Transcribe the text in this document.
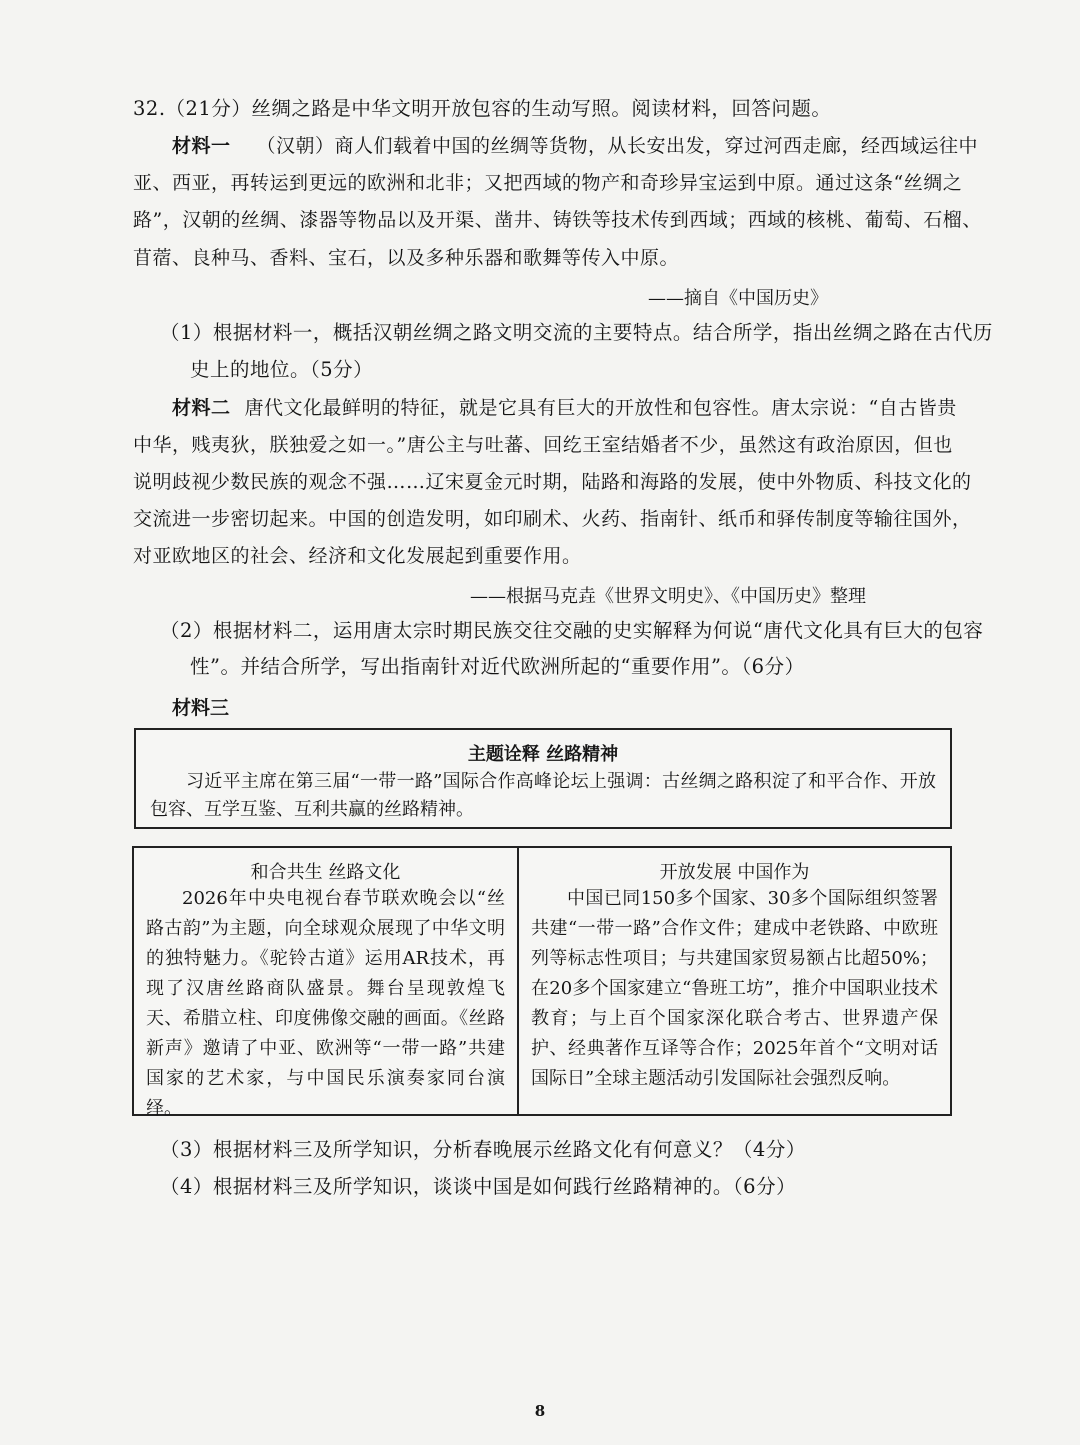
32.（21分）丝绸之路是中华文明开放包容的生动写照。阅读材料，回答问题。
材料一 （汉朝）商人们载着中国的丝绸等货物，从长安出发，穿过河西走廊，经西域运往中
亚、西亚，再转运到更远的欧洲和北非；又把西域的物产和奇珍异宝运到中原。通过这条“丝绸之
路”，汉朝的丝绸、漆器等物品以及开渠、凿井、铸铁等技术传到西域；西域的核桃、葡萄、石榴、
苜蓿、良种马、香料、宝石，以及多种乐器和歌舞等传入中原。
——摘自《中国历史》
（1）根据材料一，概括汉朝丝绸之路文明交流的主要特点。结合所学，指出丝绸之路在古代历
史上的地位。（5分）
材料二 唐代文化最鲜明的特征，就是它具有巨大的开放性和包容性。唐太宗说：“自古皆贵
中华，贱夷狄，朕独爱之如一。”唐公主与吐蕃、回纥王室结婚者不少，虽然这有政治原因，但也
说明歧视少数民族的观念不强……辽宋夏金元时期，陆路和海路的发展，使中外物质、科技文化的
交流进一步密切起来。中国的创造发明，如印刷术、火药、指南针、纸币和驿传制度等输往国外，
对亚欧地区的社会、经济和文化发展起到重要作用。
——根据马克垚《世界文明史》、《中国历史》整理
（2）根据材料二，运用唐太宗时期民族交往交融的史实解释为何说“唐代文化具有巨大的包容
性”。并结合所学，写出指南针对近代欧洲所起的“重要作用”。（6分）
材料三
主题诠释 丝路精神
习近平主席在第三届“一带一路”国际合作高峰论坛上强调：古丝绸之路积淀了和平合作、开放包容、互学互鉴、互利共赢的丝路精神。
和合共生 丝路文化
2026年中央电视台春节联欢晚会以“丝路古韵”为主题，向全球观众展现了中华文明的独特魅力。《驼铃古道》运用AR技术，再现了汉唐丝路商队盛景。舞台呈现敦煌飞天、希腊立柱、印度佛像交融的画面。《丝路新声》邀请了中亚、欧洲等“一带一路”共建国家的艺术家，与中国民乐演奏家同台演绎。
开放发展 中国作为
中国已同150多个国家、30多个国际组织签署共建“一带一路”合作文件；建成中老铁路、中欧班列等标志性项目；与共建国家贸易额占比超50%；在20多个国家建立“鲁班工坊”，推介中国职业技术教育；与上百个国家深化联合考古、世界遗产保护、经典著作互译等合作；2025年首个“文明对话国际日”全球主题活动引发国际社会强烈反响。
（3）根据材料三及所学知识，分析春晚展示丝路文化有何意义？（4分）
（4）根据材料三及所学知识，谈谈中国是如何践行丝路精神的。（6分）
8
